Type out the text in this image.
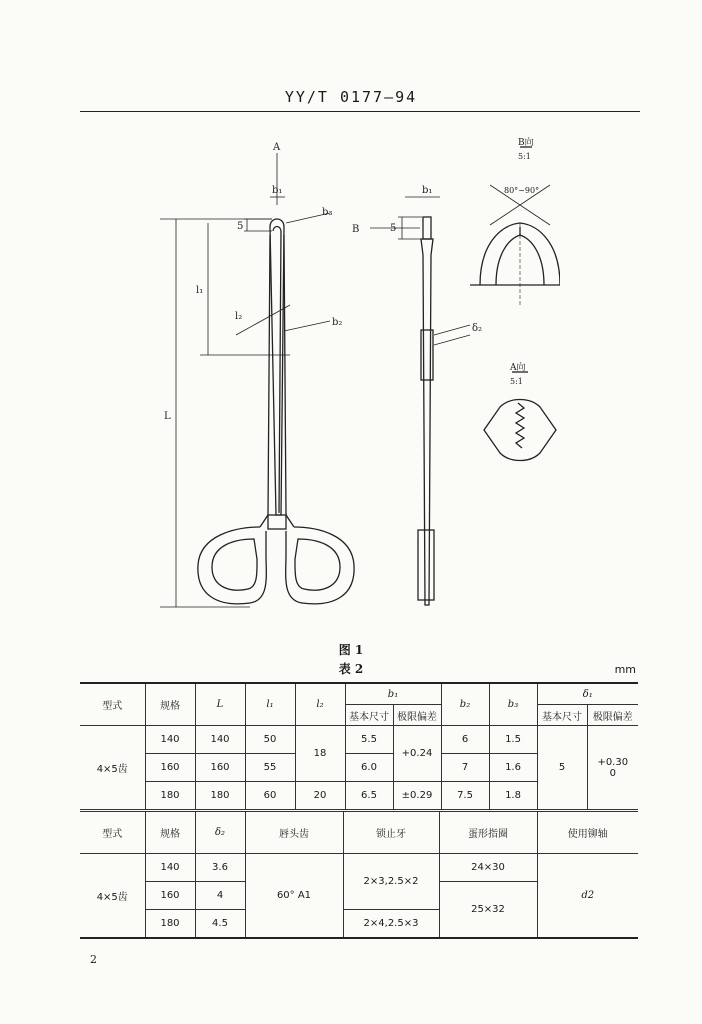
YY/T 0177—94
A
b₁
b₃
5
l₁
l₂
b₂
L
b₁
B	5
δ₂
B向
5:1
80°~90°
A向
5:1
图 1
表 2	mm
型式	规格	L	l₁	l₂	b₁		b₂	b₃	δ₁	
					基本尺寸	极限偏差			基本尺寸	极限偏差
4×5齿	140	140	50	18	5.5	+0.24	6	1.5	5	+0.30
0

	160	160	55		6.0		7	1.6		
	180	180	60	20	6.5	±0.29	7.5	1.8		
型式	规格	δ₂	唇头齿	锁止牙	蛋形指圈	使用铆轴
4×5齿	140	3.6	60° A1	2×3,2.5×2	24×30	d2
	160	4			25×32	
	180	4.5		2×4,2.5×3		
2
